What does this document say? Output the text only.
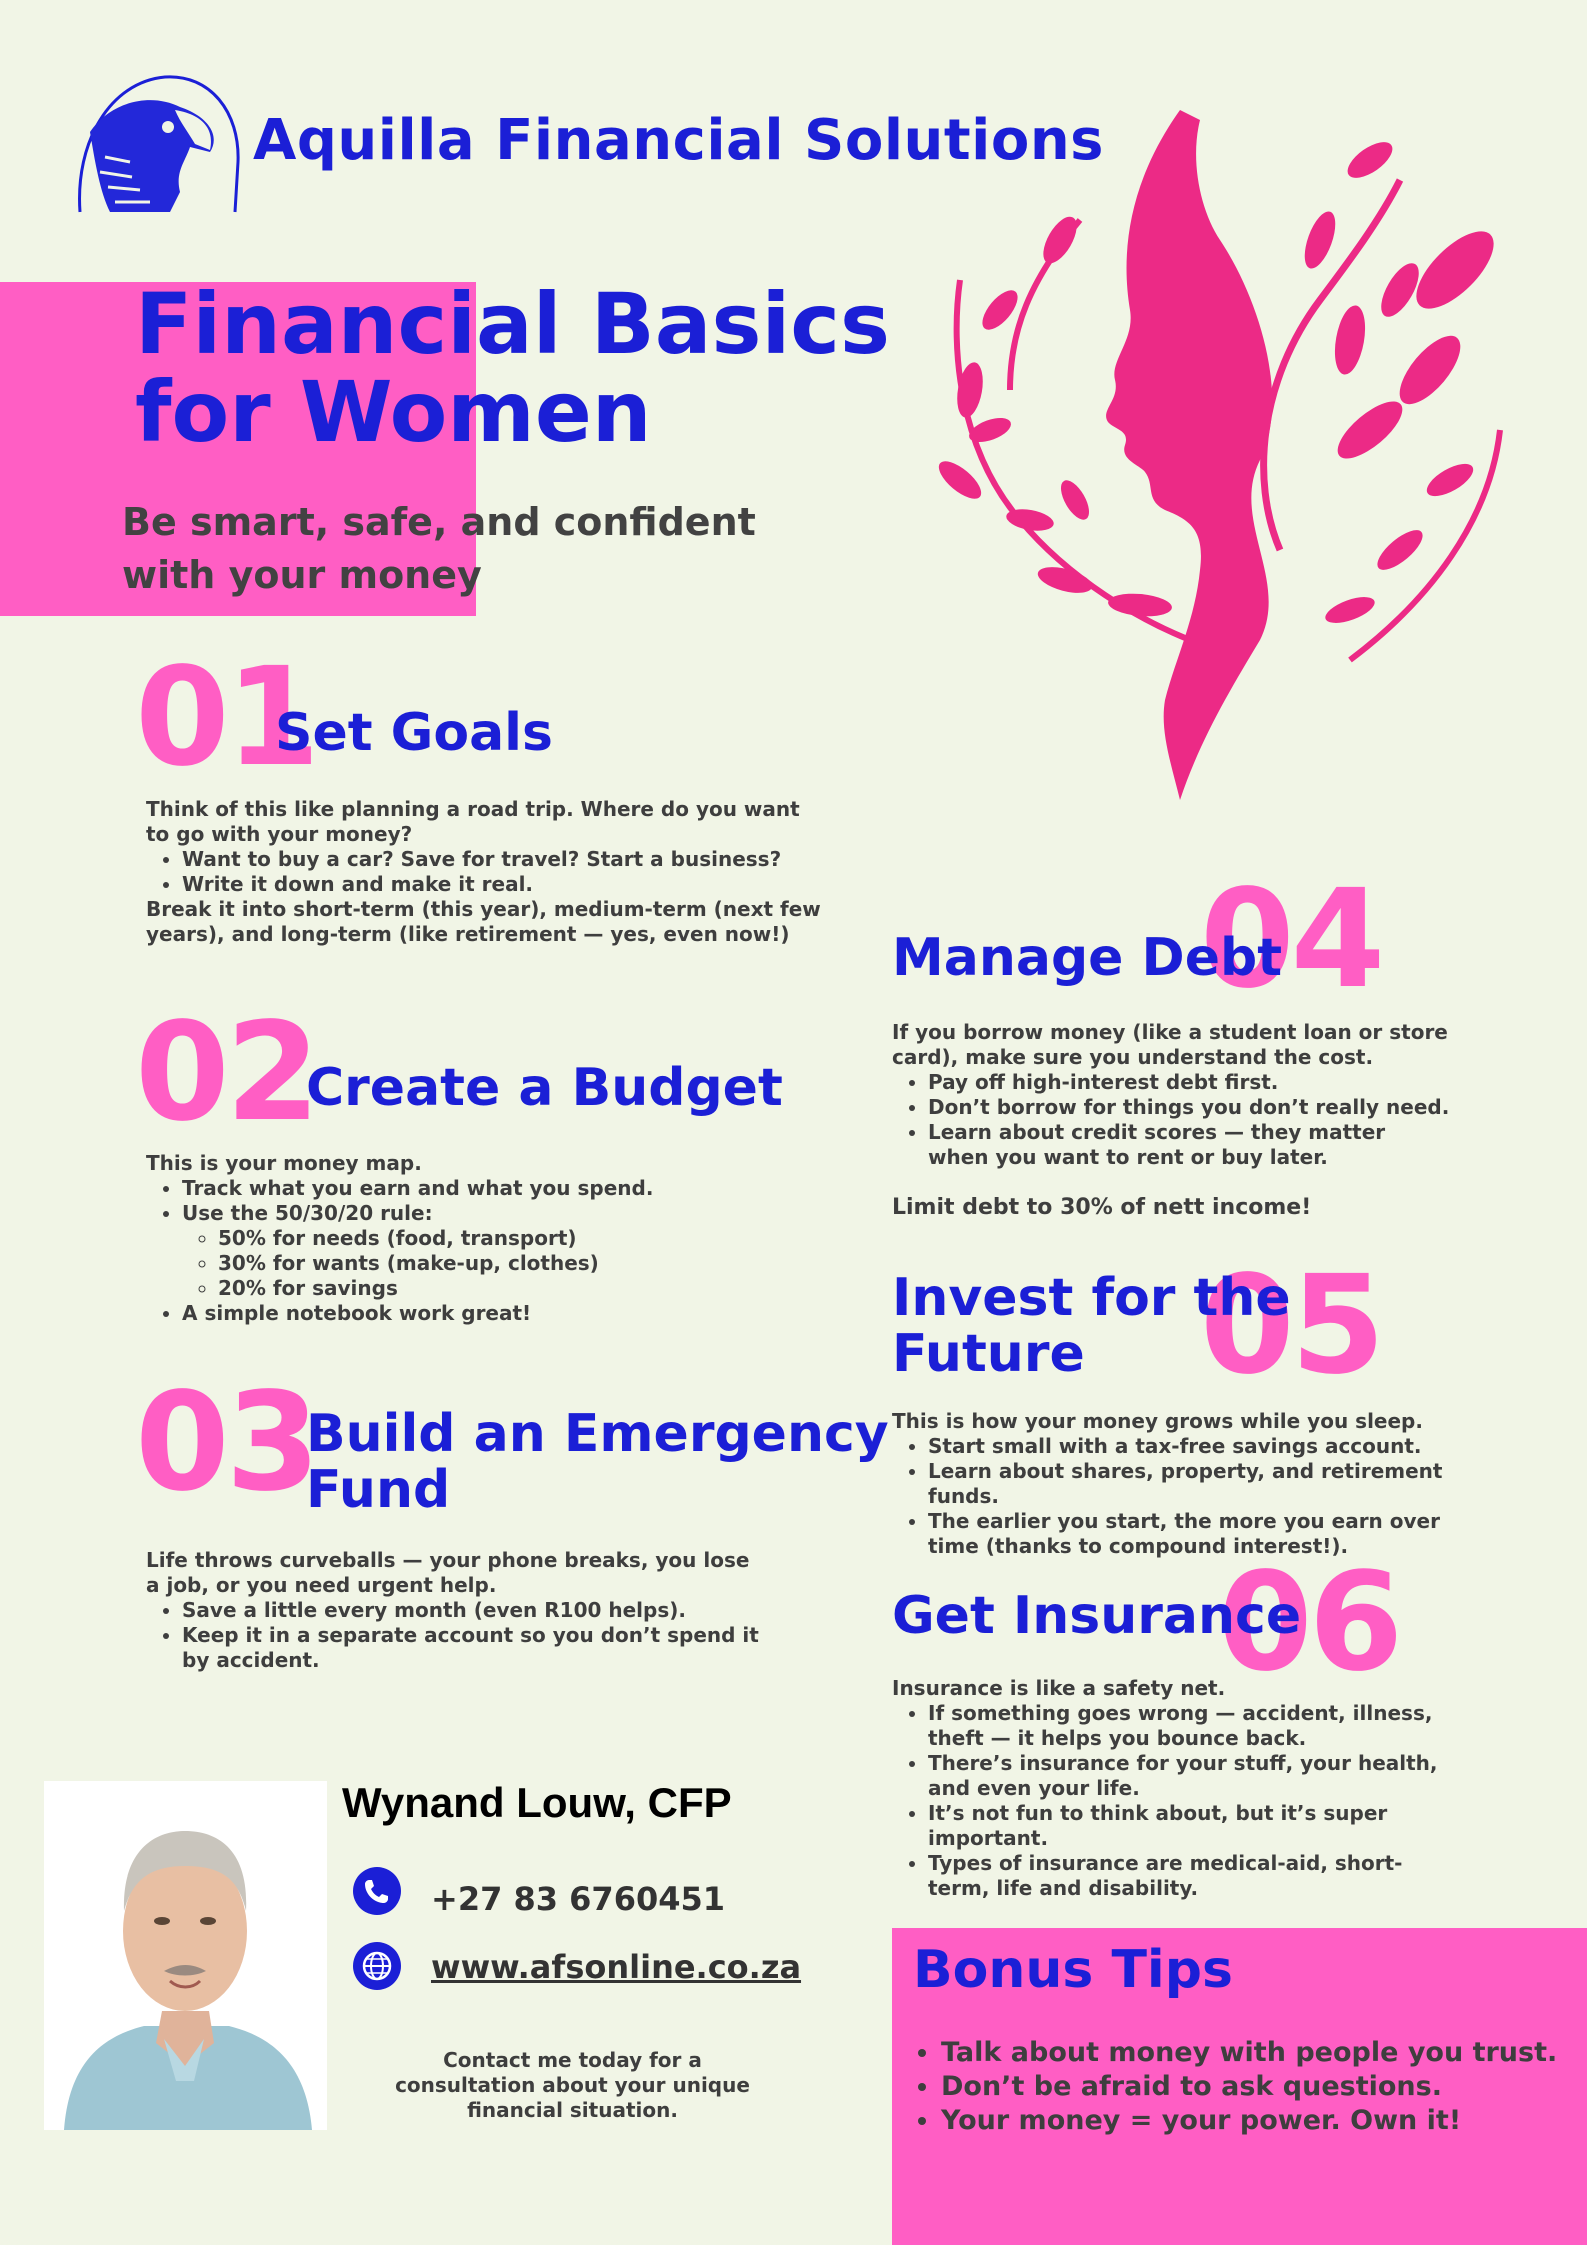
Aquilla Financial Solutions
Financial Basics
for Women
Be smart, safe, and confident
with your money
01
Set Goals

Think of this like planning a road trip. Where do you want to go with your money?

• Want to buy a car? Save for travel? Start a business?
• Write it down and make it real.

Break it into short-term (this year), medium-term (next few years), and long-term (like retirement — yes, even now!)

02
Create a Budget

This is your money map.

• Track what you earn and what you spend.
• Use the 50/30/20 rule:
◦ 50% for needs (food, transport)
◦ 30% for wants (make-up, clothes)
◦ 20% for savings
• A simple notebook work great!
03
Build an Emergency
Fund

Life throws curveballs — your phone breaks, you lose a job, or you need urgent help.

• Save a little every month (even R100 helps).
• Keep it in a separate account so you don’t spend it by accident.
04
Manage Debt

If you borrow money (like a student loan or store card), make sure you understand the cost.

• Pay off high-interest debt first.
• Don’t borrow for things you don’t really need.
• Learn about credit scores — they matter when you want to rent or buy later.

Limit debt to 30% of nett income!

05
Invest for the
Future

This is how your money grows while you sleep.

• Start small with a tax-free savings account.
• Learn about shares, property, and retirement funds.
• The earlier you start, the more you earn over time (thanks to compound interest!).
06
Get Insurance

Insurance is like a safety net.

• If something goes wrong — accident, illness, theft — it helps you bounce back.
• There’s insurance for your stuff, your health, and even your life.
• It’s not fun to think about, but it’s super important.
• Types of insurance are medical-aid, short-term, life and disability.
Bonus Tips
• Talk about money with people you trust.
• Don’t be afraid to ask questions.
• Your money = your power. Own it!
Wynand Louw, CFP
+27 83 6760451
www.afsonline.co.za
Contact me today for a consultation about your unique financial situation.
